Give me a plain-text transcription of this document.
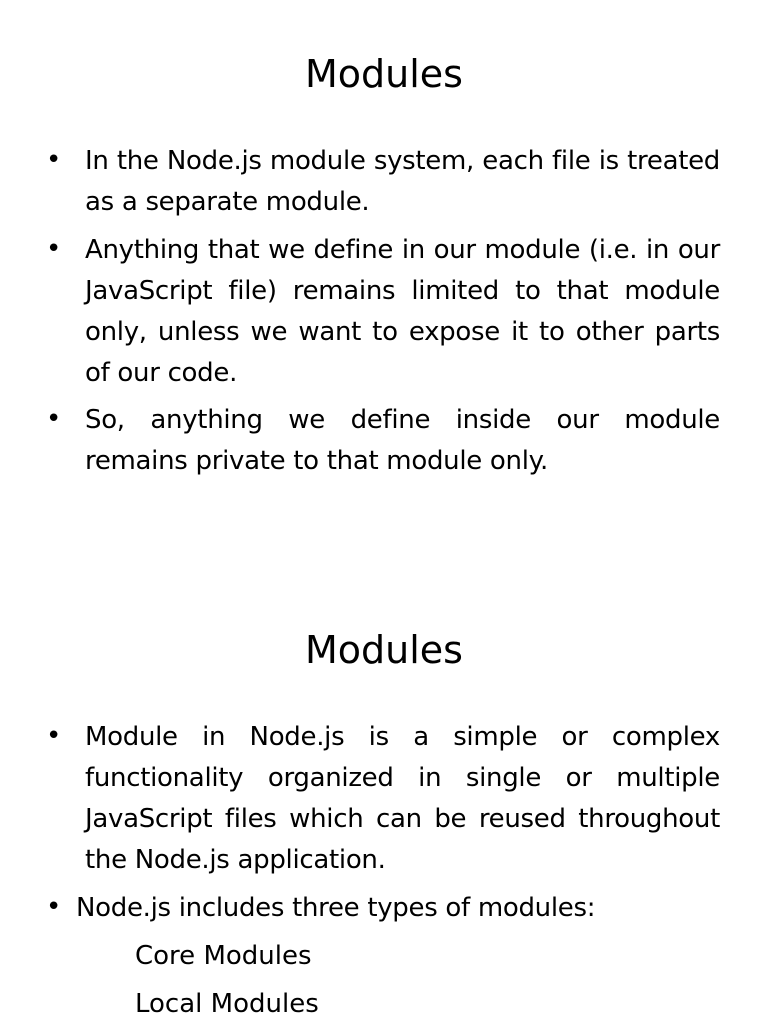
Modules
• In the Node.js module system, each file is treated as a separate module.
• Anything that we define in our module (i.e. in our JavaScript file) remains limited to that module only, unless we want to expose it to other parts of our code.
• So, anything we define inside our module remains private to that module only.
Modules
• Module in Node.js is a simple or complex functionality organized in single or multiple JavaScript files which can be reused throughout the Node.js application.
• Node.js includes three types of modules:
Core Modules
Local Modules
